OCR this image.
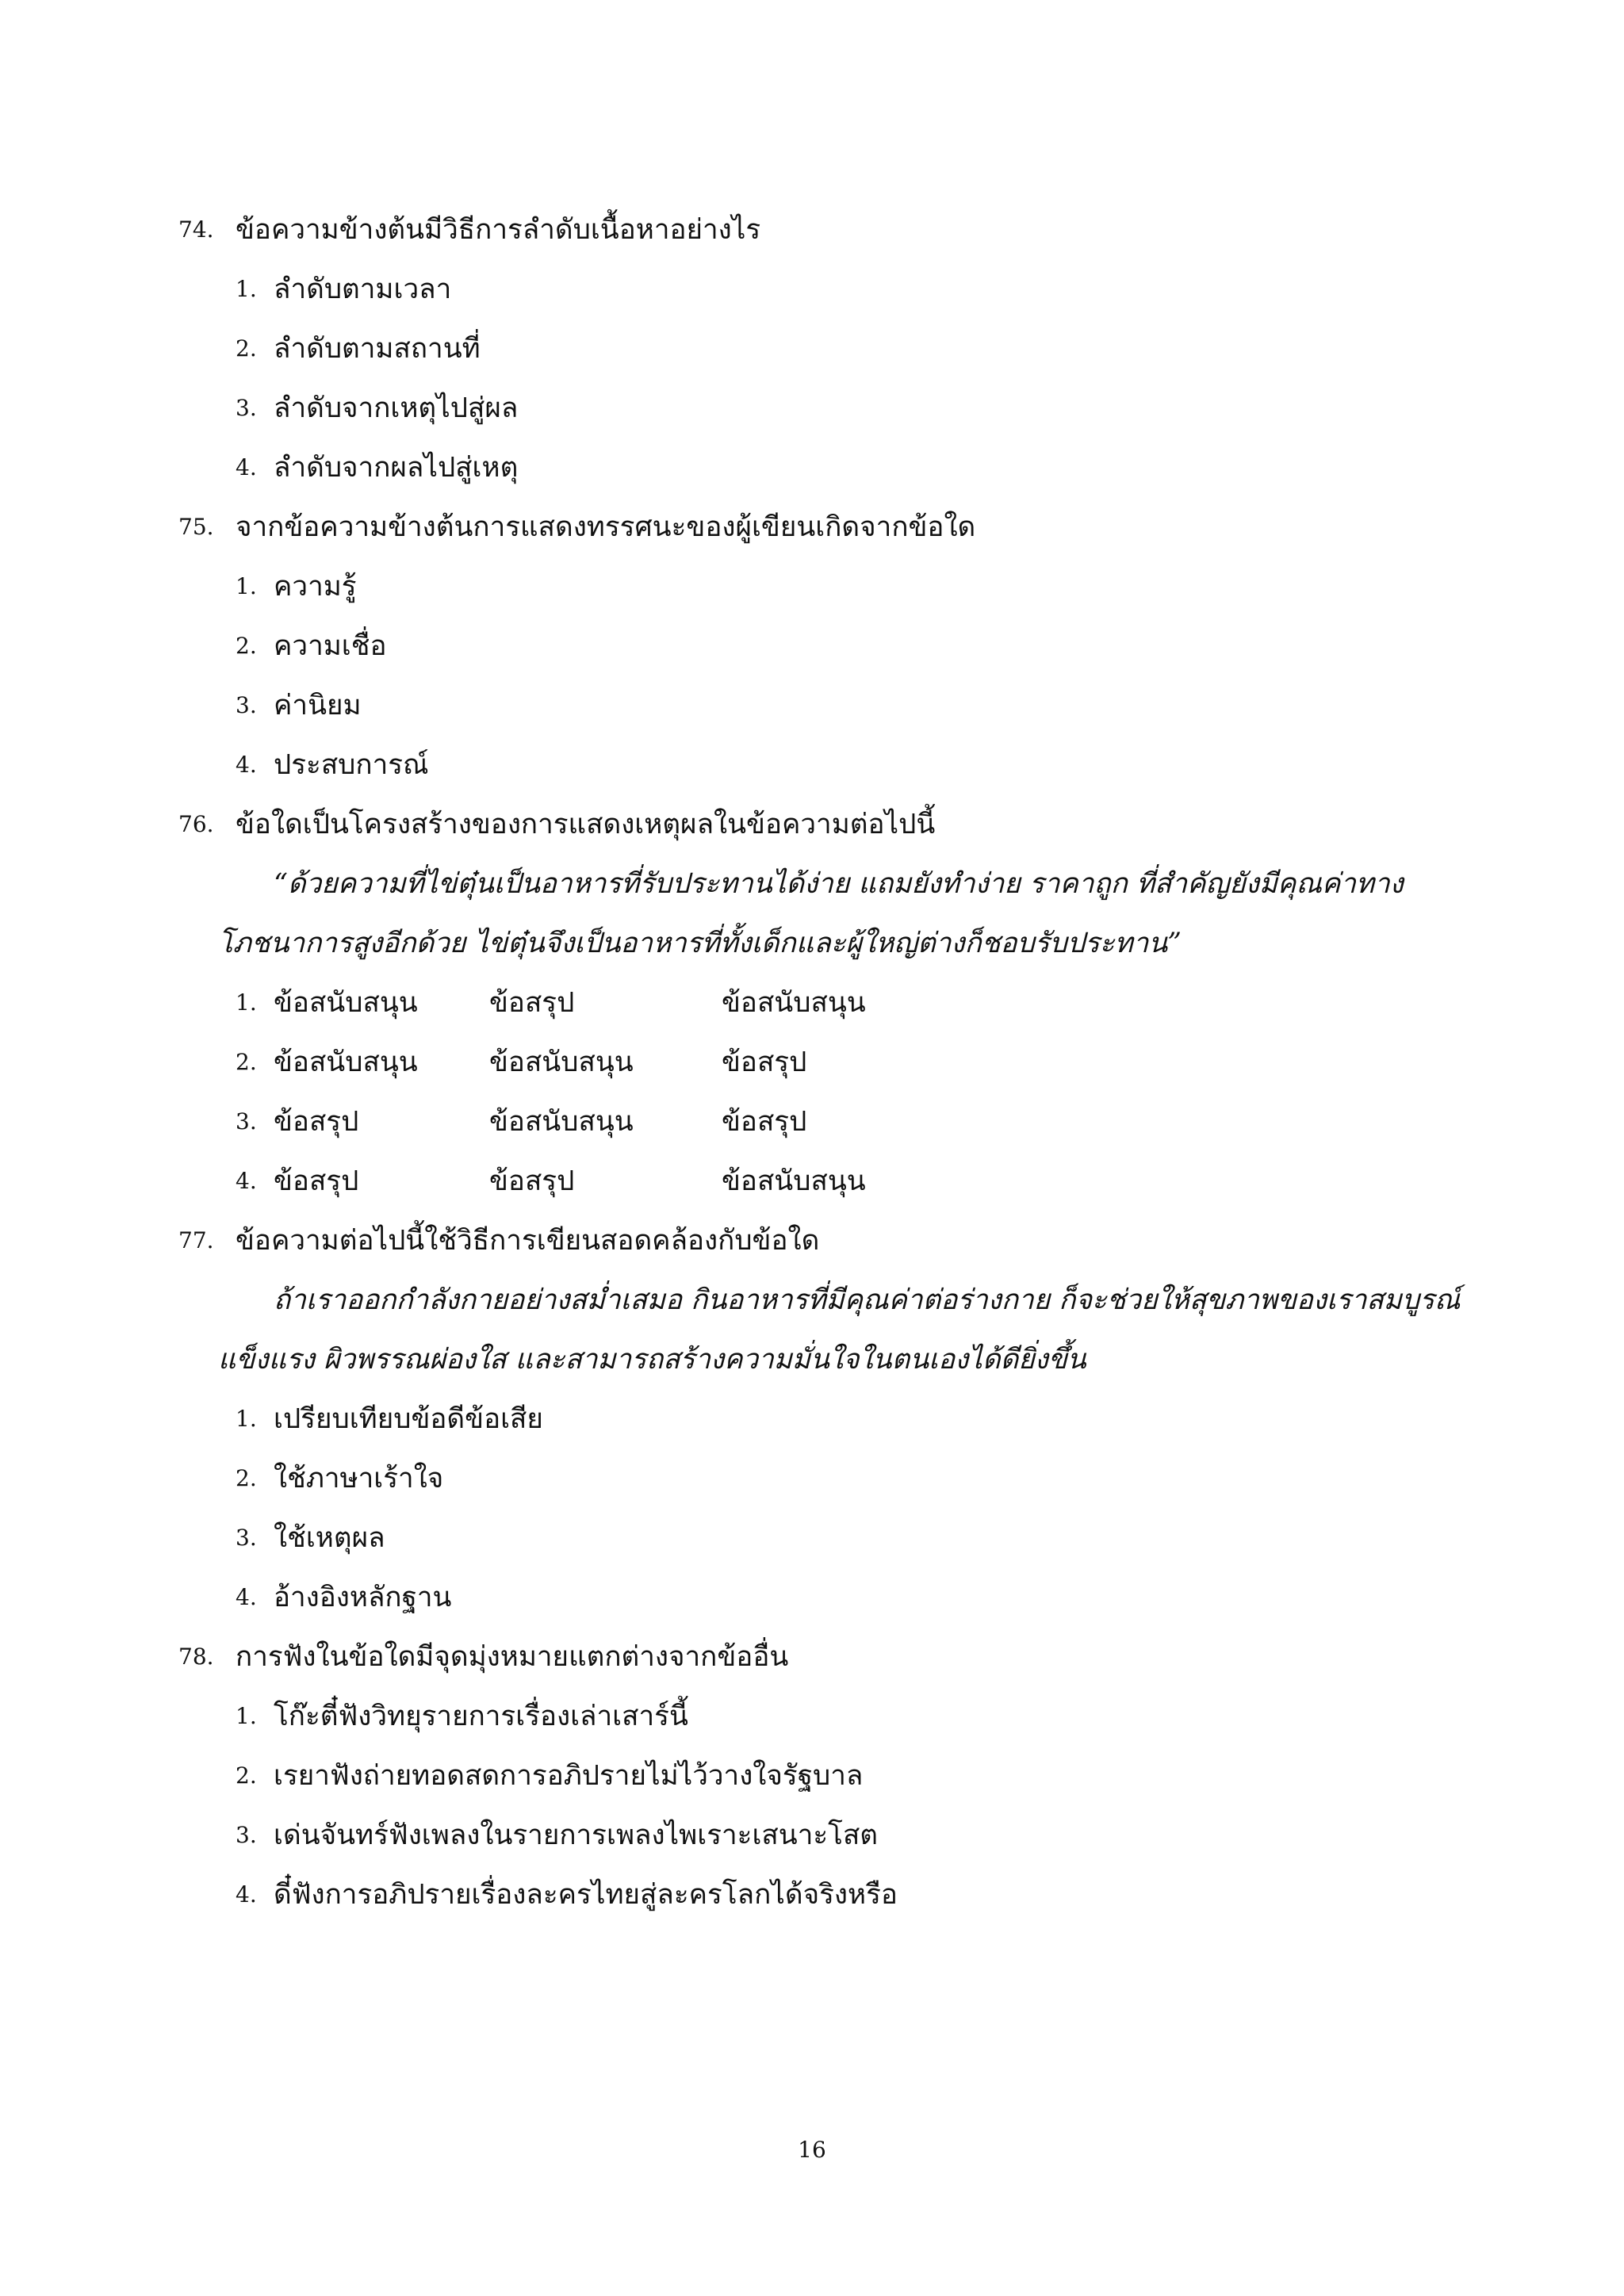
74. ข้อความข้างต้นมีวิธีการลำดับเนื้อหาอย่างไร
1. ลำดับตามเวลา
2. ลำดับตามสถานที่
3. ลำดับจากเหตุไปสู่ผล
4. ลำดับจากผลไปสู่เหตุ
75. จากข้อความข้างต้นการแสดงทรรศนะของผู้เขียนเกิดจากข้อใด
1. ความรู้
2. ความเชื่อ
3. ค่านิยม
4. ประสบการณ์
76. ข้อใดเป็นโครงสร้างของการแสดงเหตุผลในข้อความต่อไปนี้
“ด้วยความที่ไข่ตุ๋นเป็นอาหารที่รับประทานได้ง่าย แถมยังทำง่าย ราคาถูก ที่สำคัญยังมีคุณค่าทาง
โภชนาการสูงอีกด้วย ไข่ตุ๋นจึงเป็นอาหารที่ทั้งเด็กและผู้ใหญ่ต่างก็ชอบรับประทาน”
1. ข้อสนับสนุน	ข้อสรุป	ข้อสนับสนุน
2. ข้อสนับสนุน	ข้อสนับสนุน	ข้อสรุป
3. ข้อสรุป	ข้อสนับสนุน	ข้อสรุป
4. ข้อสรุป	ข้อสรุป	ข้อสนับสนุน
77. ข้อความต่อไปนี้ใช้วิธีการเขียนสอดคล้องกับข้อใด
ถ้าเราออกกำลังกายอย่างสม่ำเสมอ กินอาหารที่มีคุณค่าต่อร่างกาย ก็จะช่วยให้สุขภาพของเราสมบูรณ์
แข็งแรง ผิวพรรณผ่องใส และสามารถสร้างความมั่นใจในตนเองได้ดียิ่งขึ้น
1. เปรียบเทียบข้อดีข้อเสีย
2. ใช้ภาษาเร้าใจ
3. ใช้เหตุผล
4. อ้างอิงหลักฐาน
78. การฟังในข้อใดมีจุดมุ่งหมายแตกต่างจากข้ออื่น
1. โก๊ะตี๋ฟังวิทยุรายการเรื่องเล่าเสาร์นี้
2. เรยาฟังถ่ายทอดสดการอภิปรายไม่ไว้วางใจรัฐบาล
3. เด่นจันทร์ฟังเพลงในรายการเพลงไพเราะเสนาะโสต
4. ดี๋ฟังการอภิปรายเรื่องละครไทยสู่ละครโลกได้จริงหรือ
16
